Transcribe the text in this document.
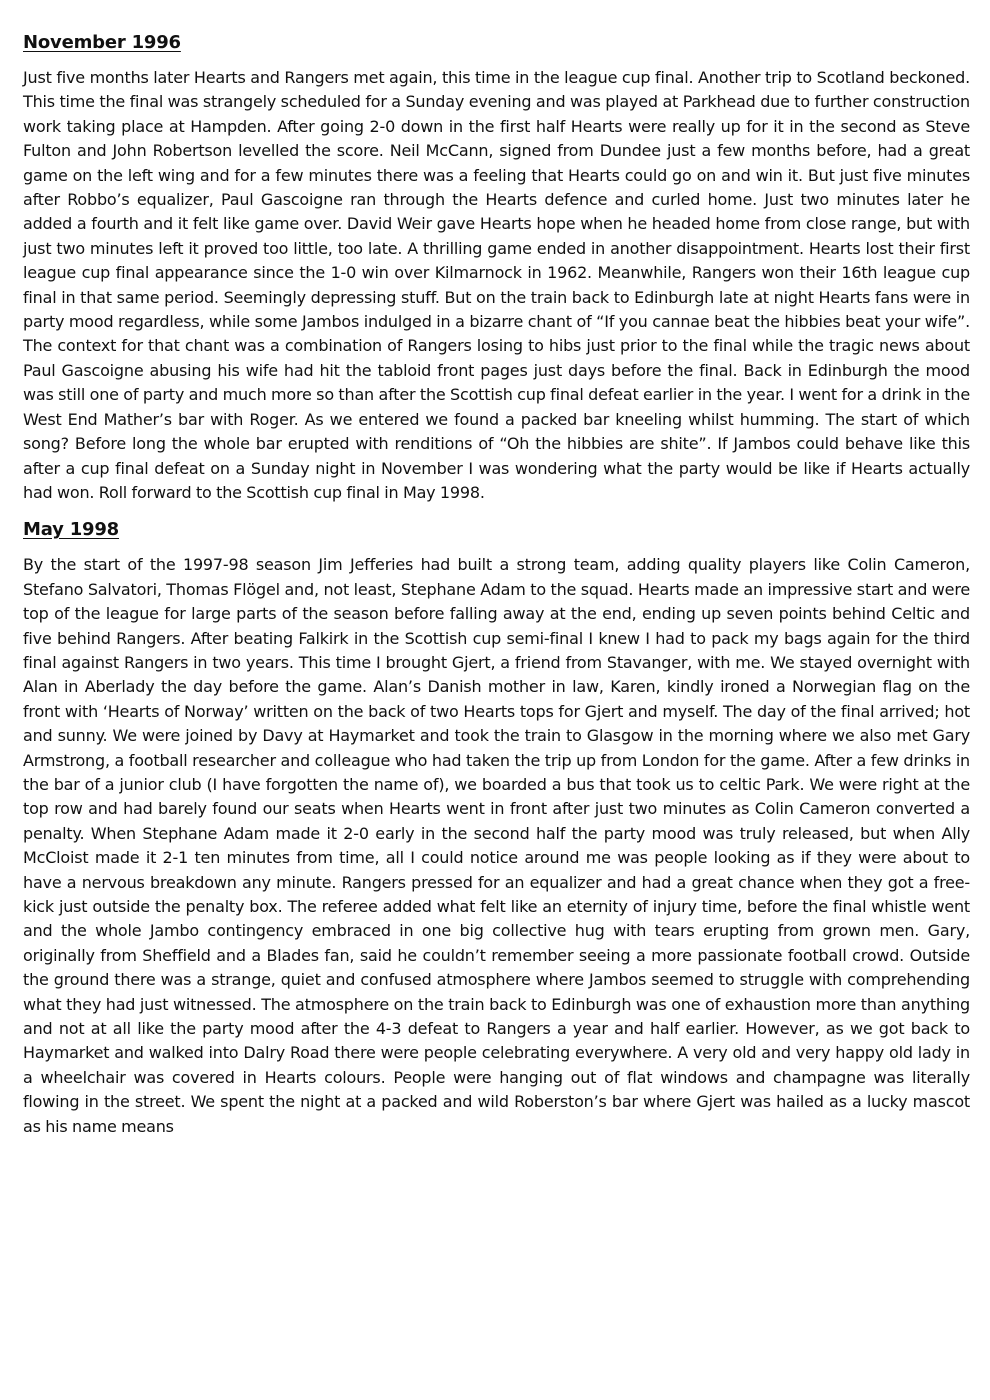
November 1996

Just five months later Hearts and Rangers met again, this time in the league cup final. Another trip to Scotland beckoned. This time the final was strangely scheduled for a Sunday evening and was played at Parkhead due to further construction work taking place at Hampden. After going 2-0 down in the first half Hearts were really up for it in the second as Steve Fulton and John Robertson levelled the score. Neil McCann, signed from Dundee just a few months before, had a great game on the left wing and for a few minutes there was a feeling that Hearts could go on and win it. But just five minutes after Robbo’s equalizer, Paul Gascoigne ran through the Hearts defence and curled home. Just two minutes later he added a fourth and it felt like game over. David Weir gave Hearts hope when he headed home from close range, but with just two minutes left it proved too little, too late. A thrilling game ended in another disappointment. Hearts lost their first league cup final appearance since the 1-0 win over Kilmarnock in 1962. Meanwhile, Rangers won their 16th league cup final in that same period. Seemingly depressing stuff. But on the train back to Edinburgh late at night Hearts fans were in party mood regardless, while some Jambos indulged in a bizarre chant of “If you cannae beat the hibbies beat your wife”. The context for that chant was a combination of Rangers losing to hibs just prior to the final while the tragic news about Paul Gascoigne abusing his wife had hit the tabloid front pages just days before the final. Back in Edinburgh the mood was still one of party and much more so than after the Scottish cup final defeat earlier in the year. I went for a drink in the West End Mather’s bar with Roger. As we entered we found a packed bar kneeling whilst humming. The start of which song? Before long the whole bar erupted with renditions of “Oh the hibbies are shite”. If Jambos could behave like this after a cup final defeat on a Sunday night in November I was wondering what the party would be like if Hearts actually had won. Roll forward to the Scottish cup final in May 1998.

May 1998

By the start of the 1997-98 season Jim Jefferies had built a strong team, adding quality players like Colin Cameron, Stefano Salvatori, Thomas Flögel and, not least, Stephane Adam to the squad. Hearts made an impressive start and were top of the league for large parts of the season before falling away at the end, ending up seven points behind Celtic and five behind Rangers. After beating Falkirk in the Scottish cup semi-final I knew I had to pack my bags again for the third final against Rangers in two years. This time I brought Gjert, a friend from Stavanger, with me. We stayed overnight with Alan in Aberlady the day before the game. Alan’s Danish mother in law, Karen, kindly ironed a Norwegian flag on the front with ‘Hearts of Norway’ written on the back of two Hearts tops for Gjert and myself. The day of the final arrived; hot and sunny. We were joined by Davy at Haymarket and took the train to Glasgow in the morning where we also met Gary Armstrong, a football researcher and colleague who had taken the trip up from London for the game. After a few drinks in the bar of a junior club (I have forgotten the name of), we boarded a bus that took us to celtic Park. We were right at the top row and had barely found our seats when Hearts went in front after just two minutes as Colin Cameron converted a penalty. When Stephane Adam made it 2-0 early in the second half the party mood was truly released, but when Ally McCloist made it 2-1 ten minutes from time, all I could notice around me was people looking as if they were about to have a nervous breakdown any minute. Rangers pressed for an equalizer and had a great chance when they got a free-kick just outside the penalty box. The referee added what felt like an eternity of injury time, before the final whistle went and the whole Jambo contingency embraced in one big collective hug with tears erupting from grown men. Gary, originally from Sheffield and a Blades fan, said he couldn’t remember seeing a more passionate football crowd. Outside the ground there was a strange, quiet and confused atmosphere where Jambos seemed to struggle with comprehending what they had just witnessed. The atmosphere on the train back to Edinburgh was one of exhaustion more than anything and not at all like the party mood after the 4-3 defeat to Rangers a year and half earlier. However, as we got back to Haymarket and walked into Dalry Road there were people celebrating everywhere. A very old and very happy old lady in a wheelchair was covered in Hearts colours. People were hanging out of flat windows and champagne was literally flowing in the street. We spent the night at a packed and wild Roberston’s bar where Gjert was hailed as a lucky mascot as his name means
